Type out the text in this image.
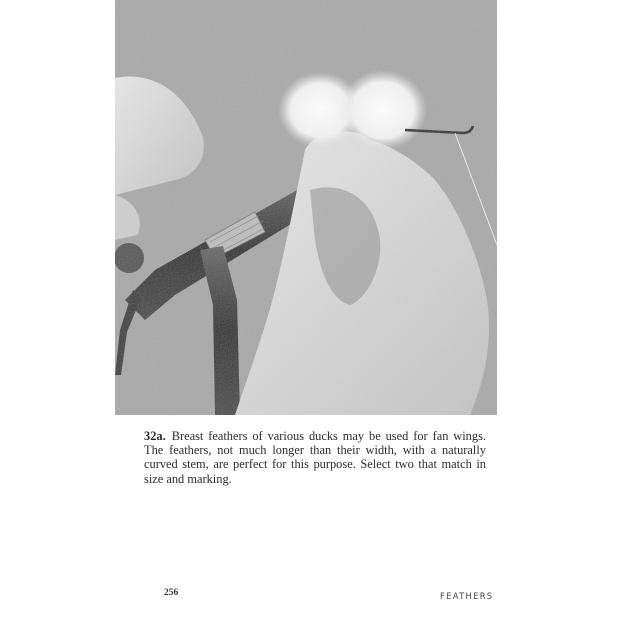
32a. Breast feathers of various ducks may be used for fan wings. The feathers, not much longer than their width, with a naturally curved stem, are perfect for this purpose. Select two that match in size and marking.
256	FEATHERS
